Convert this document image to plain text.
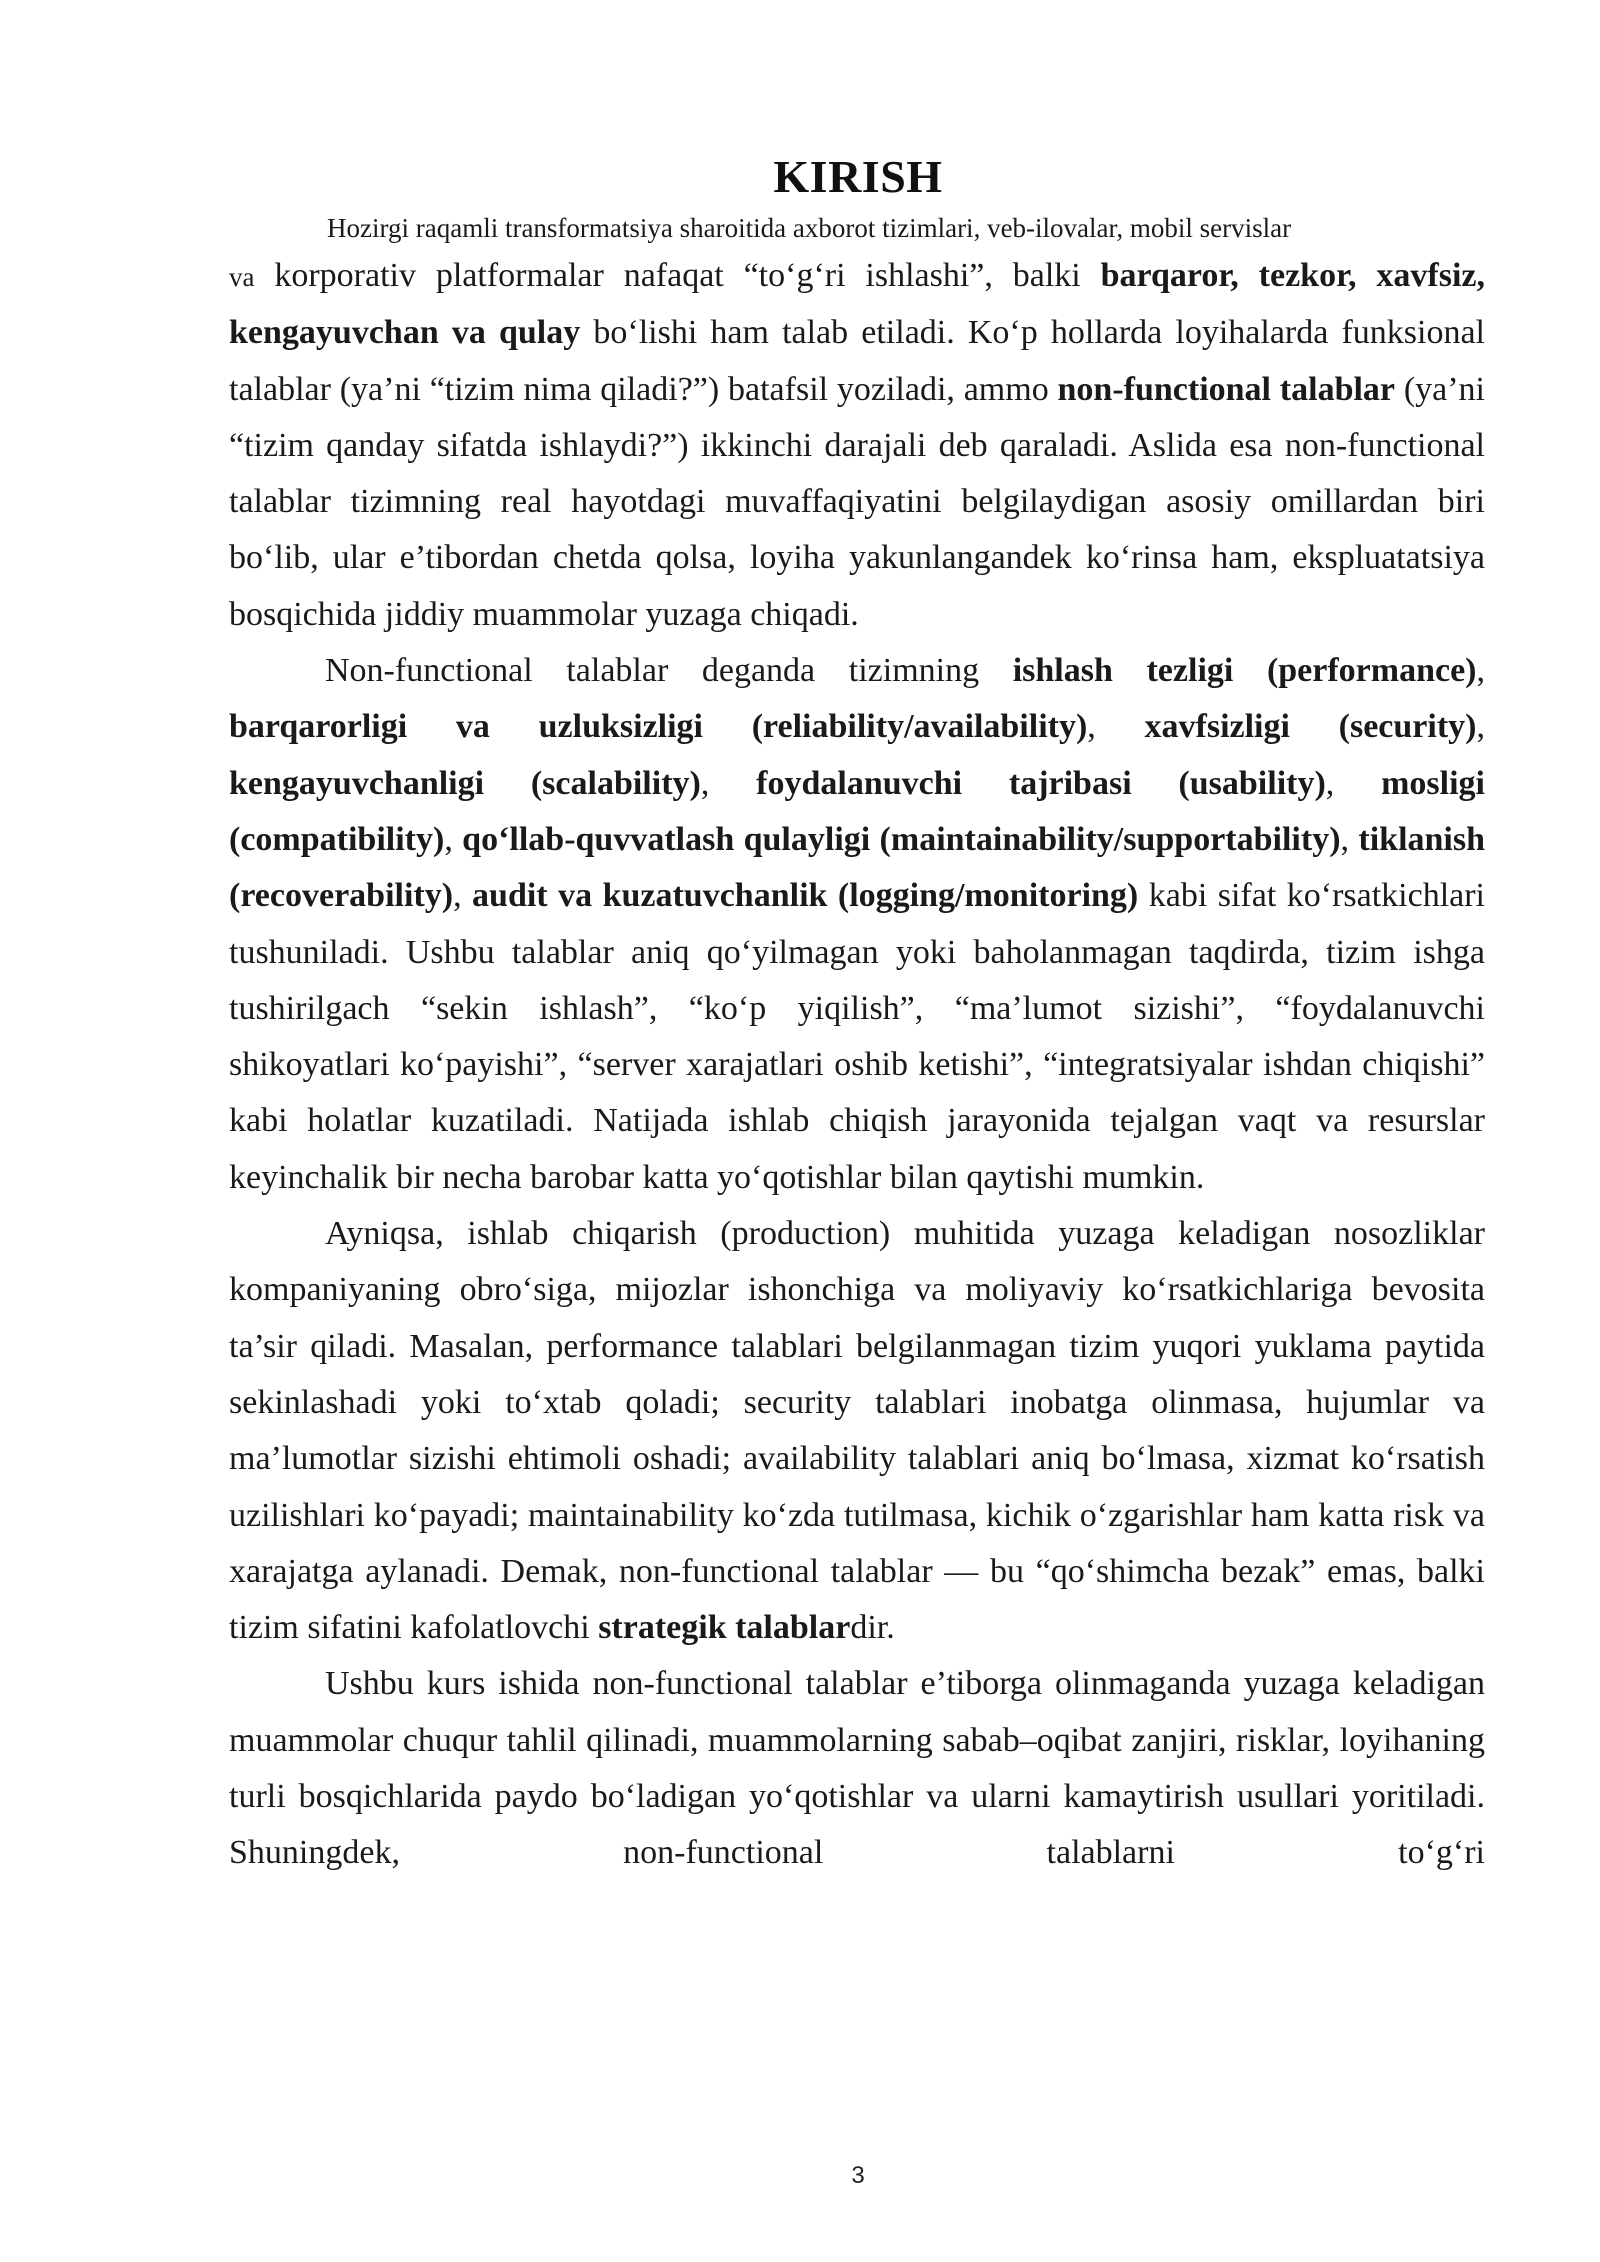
KIRISH
Hozirgi raqamli transformatsiya sharoitida axborot tizimlari, veb-ilovalar, mobil servislar

va korporativ platformalar nafaqat “to‘g‘ri ishlashi”, balki barqaror, tezkor, xavfsiz, kengayuvchan va qulay bo‘lishi ham talab etiladi. Ko‘p hollarda loyihalarda funksional talablar (ya’ni “tizim nima qiladi?”) batafsil yoziladi, ammo non-functional talablar (ya’ni “tizim qanday sifatda ishlaydi?”) ikkinchi darajali deb qaraladi. Aslida esa non-functional talablar tizimning real hayotdagi muvaffaqiyatini belgilaydigan asosiy omillardan biri bo‘lib, ular e’tibordan chetda qolsa, loyiha yakunlangandek ko‘rinsa ham, ekspluatatsiya bosqichida jiddiy muammolar yuzaga chiqadi.

Non-functional talablar deganda tizimning ishlash tezligi (performance), barqarorligi va uzluksizligi (reliability/availability), xavfsizligi (security), kengayuvchanligi (scalability), foydalanuvchi tajribasi (usability), mosligi (compatibility), qo‘llab-quvvatlash qulayligi (maintainability/supportability), tiklanish (recoverability), audit va kuzatuvchanlik (logging/monitoring) kabi sifat ko‘rsatkichlari tushuniladi. Ushbu talablar aniq qo‘yilmagan yoki baholanmagan taqdirda, tizim ishga tushirilgach “sekin ishlash”, “ko‘p yiqilish”, “ma’lumot sizishi”, “foydalanuvchi shikoyatlari ko‘payishi”, “server xarajatlari oshib ketishi”, “integratsiyalar ishdan chiqishi” kabi holatlar kuzatiladi. Natijada ishlab chiqish jarayonida tejalgan vaqt va resurslar keyinchalik bir necha barobar katta yo‘qotishlar bilan qaytishi mumkin.

Ayniqsa, ishlab chiqarish (production) muhitida yuzaga keladigan nosozliklar kompaniyaning obro‘siga, mijozlar ishonchiga va moliyaviy ko‘rsatkichlariga bevosita ta’sir qiladi. Masalan, performance talablari belgilanmagan tizim yuqori yuklama paytida sekinlashadi yoki to‘xtab qoladi; security talablari inobatga olinmasa, hujumlar va ma’lumotlar sizishi ehtimoli oshadi; availability talablari aniq bo‘lmasa, xizmat ko‘rsatish uzilishlari ko‘payadi; maintainability ko‘zda tutilmasa, kichik o‘zgarishlar ham katta risk va xarajatga aylanadi. Demak, non-functional talablar — bu “qo‘shimcha bezak” emas, balki tizim sifatini kafolatlovchi strategik talablardir.

Ushbu kurs ishida non-functional talablar e’tiborga olinmaganda yuzaga keladigan muammolar chuqur tahlil qilinadi, muammolarning sabab–oqibat zanjiri, risklar, loyihaning turli bosqichlarida paydo bo‘ladigan yo‘qotishlar va ularni kamaytirish usullari yoritiladi. Shuningdek, non-functional talablarni to‘g‘ri

3
